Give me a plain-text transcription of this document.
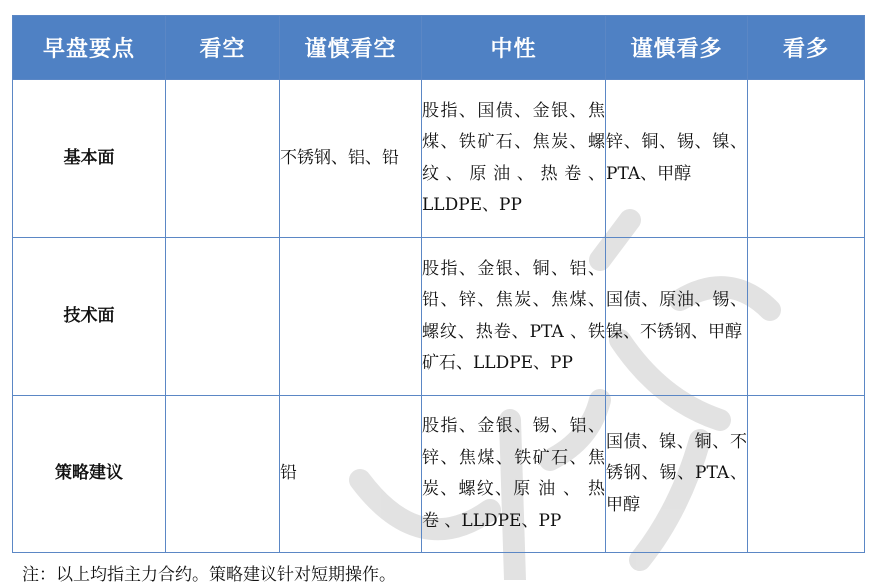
早盘要点	看空	谨慎看空	中性	谨慎看多	看多
基本面		不锈钢、铝、铅	股指、国债、金银、焦煤、铁矿石、焦炭、螺纹、原油、热卷、 LLDPE、PP	锌、铜、锡、镍、PTA、甲醇	
技术面			股指、金银、铜、铝、铅、锌、焦炭、焦煤、螺纹、热卷、PTA 、铁矿石、LLDPE、PP	国债、原油、锡、镍、不锈钢、甲醇	
策略建议		铅	股指、金银、锡、铝、锌、焦煤、铁矿石、焦炭、螺纹、原 油 、 热 卷 、LLDPE、PP	国债、镍、铜、不锈钢、锡、PTA、甲醇	
注：以上均指主力合约。策略建议针对短期操作。
